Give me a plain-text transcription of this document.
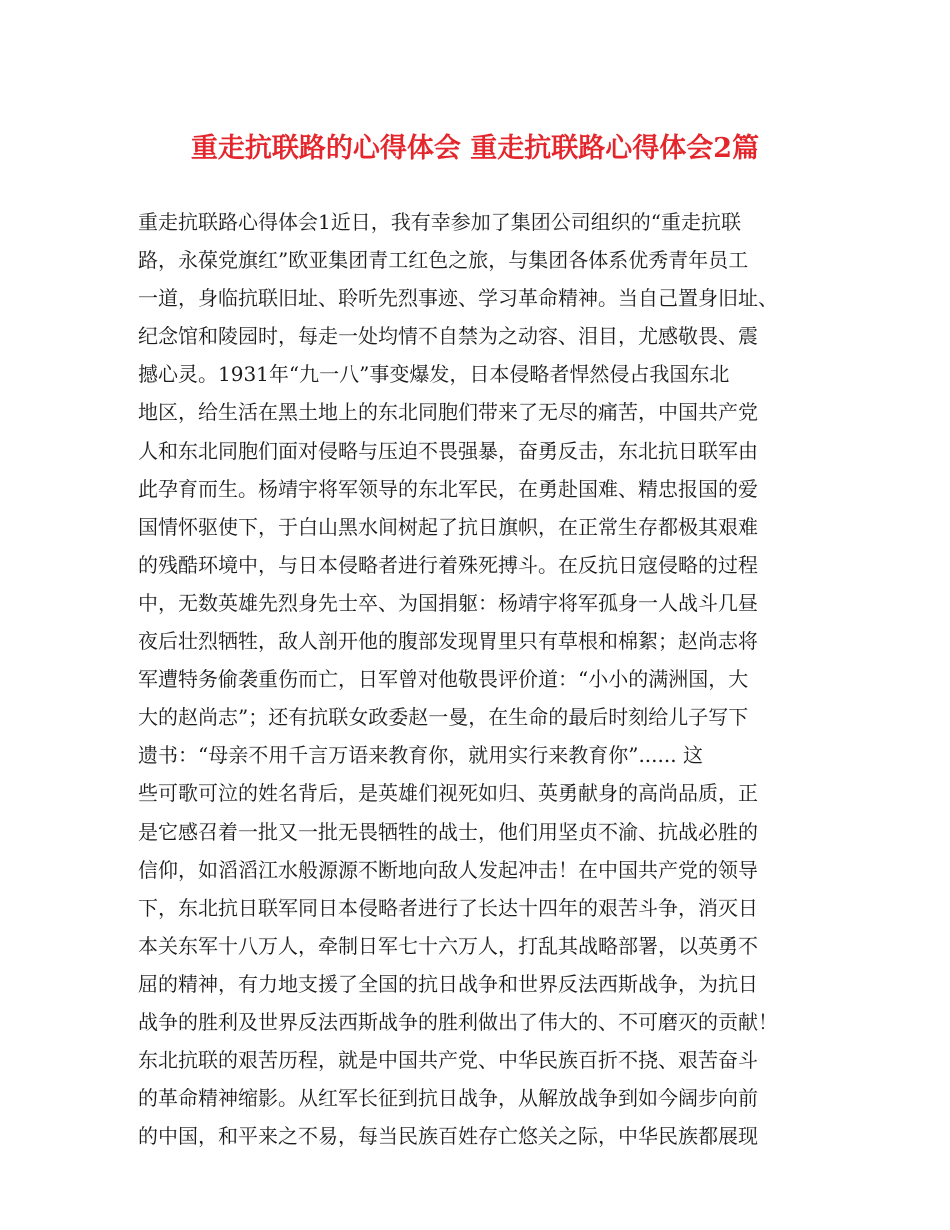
重走抗联路的心得体会 重走抗联路心得体会2篇
重走抗联路心得体会1近日，我有幸参加了集团公司组织的“重走抗联
路，永葆党旗红”欧亚集团青工红色之旅，与集团各体系优秀青年员工
一道，身临抗联旧址、聆听先烈事迹、学习革命精神。当自己置身旧址、
纪念馆和陵园时，每走一处均情不自禁为之动容、泪目，尤感敬畏、震
撼心灵。1931年“九一八”事变爆发，日本侵略者悍然侵占我国东北
地区，给生活在黑土地上的东北同胞们带来了无尽的痛苦，中国共产党
人和东北同胞们面对侵略与压迫不畏强暴，奋勇反击，东北抗日联军由
此孕育而生。杨靖宇将军领导的东北军民，在勇赴国难、精忠报国的爱
国情怀驱使下，于白山黑水间树起了抗日旗帜，在正常生存都极其艰难
的残酷环境中，与日本侵略者进行着殊死搏斗。在反抗日寇侵略的过程
中，无数英雄先烈身先士卒、为国捐躯：杨靖宇将军孤身一人战斗几昼
夜后壮烈牺牲，敌人剖开他的腹部发现胃里只有草根和棉絮；赵尚志将
军遭特务偷袭重伤而亡，日军曾对他敬畏评价道：“小小的满洲国，大
大的赵尚志”；还有抗联女政委赵一曼，在生命的最后时刻给儿子写下
遗书：“母亲不用千言万语来教育你，就用实行来教育你”...... 这
些可歌可泣的姓名背后，是英雄们视死如归、英勇献身的高尚品质，正
是它感召着一批又一批无畏牺牲的战士，他们用坚贞不渝、抗战必胜的
信仰，如滔滔江水般源源不断地向敌人发起冲击！在中国共产党的领导
下，东北抗日联军同日本侵略者进行了长达十四年的艰苦斗争，消灭日
本关东军十八万人，牵制日军七十六万人，打乱其战略部署，以英勇不
屈的精神，有力地支援了全国的抗日战争和世界反法西斯战争，为抗日
战争的胜利及世界反法西斯战争的胜利做出了伟大的、不可磨灭的贡献！
东北抗联的艰苦历程，就是中国共产党、中华民族百折不挠、艰苦奋斗
的革命精神缩影。从红军长征到抗日战争，从解放战争到如今阔步向前
的中国，和平来之不易，每当民族百姓存亡悠关之际，中华民族都展现
